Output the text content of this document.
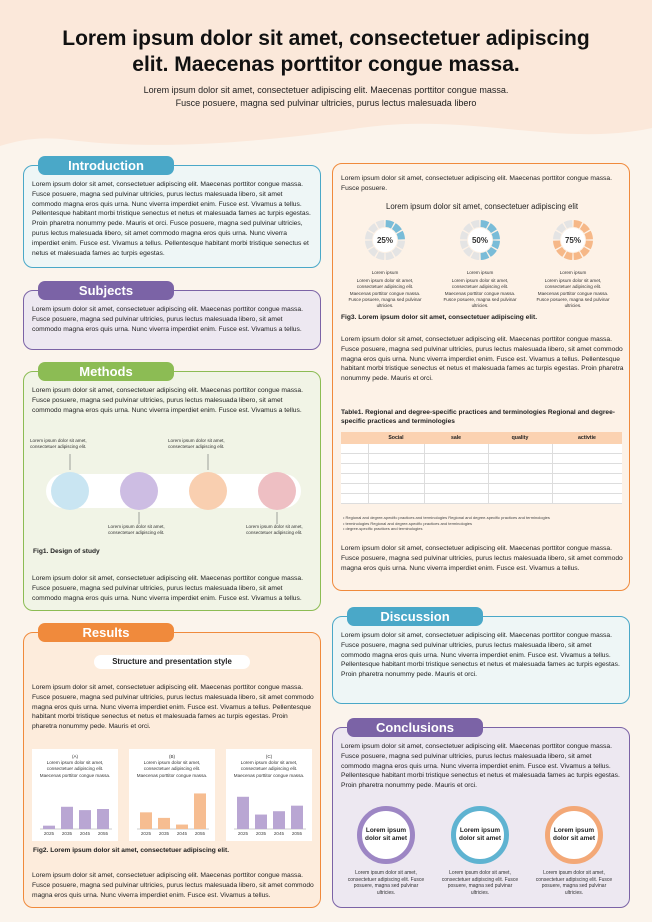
Lorem ipsum dolor sit amet, consectetuer adipiscing
elit. Maecenas porttitor congue massa.
Lorem ipsum dolor sit amet, consectetuer adipiscing elit. Maecenas porttitor congue massa.
Fusce posuere, magna sed pulvinar ultricies, purus lectus malesuada libero
Introduction
Lorem ipsum dolor sit amet, consectetuer adipiscing elit. Maecenas porttitor congue massa. Fusce posuere, magna sed pulvinar ultricies, purus lectus malesuada libero, sit amet commodo magna eros quis urna. Nunc viverra imperdiet enim. Fusce est. Vivamus a tellus. Pellentesque habitant morbi tristique senectus et netus et malesuada fames ac turpis egestas. Proin pharetra nonummy pede. Mauris et orci. Fusce posuere, magna sed pulvinar ultricies, purus lectus malesuada libero, sit amet commodo magna eros quis urna. Nunc viverra imperdiet enim. Fusce est. Vivamus a tellus. Pellentesque habitant morbi tristique senectus et netus et malesuada fames ac turpis egestas.
Subjects
Lorem ipsum dolor sit amet, consectetuer adipiscing elit. Maecenas porttitor congue massa. Fusce posuere, magna sed pulvinar ultricies, purus lectus malesuada libero, sit amet commodo magna eros quis urna. Nunc viverra imperdiet enim. Fusce est. Vivamus a tellus.
Methods
Lorem ipsum dolor sit amet, consectetuer adipiscing elit. Maecenas porttitor congue massa. Fusce posuere, magna sed pulvinar ultricies, purus lectus malesuada libero, sit amet commodo magna eros quis urna. Nunc viverra imperdiet enim. Fusce est. Vivamus a tellus.
Lorem ipsum dolor sit amet,
consectetuer adipiscing elit.
Lorem ipsum dolor sit amet,
consectetuer adipiscing elit.
Lorem ipsum dolor sit amet,
consectetuer adipiscing elit.
Lorem ipsum dolor sit amet,
consectetuer adipiscing elit.
Fig1. Design of study
Lorem ipsum dolor sit amet, consectetuer adipiscing elit. Maecenas porttitor congue massa. Fusce posuere, magna sed pulvinar ultricies, purus lectus malesuada libero, sit amet commodo magna eros quis urna. Nunc viverra imperdiet enim. Fusce est. Vivamus a tellus.
Results
Structure and presentation style
Lorem ipsum dolor sit amet, consectetuer adipiscing elit. Maecenas porttitor congue massa. Fusce posuere, magna sed pulvinar ultricies, purus lectus malesuada libero, sit amet commodo magna eros quis urna. Nunc viverra imperdiet enim. Fusce est. Vivamus a tellus. Pellentesque habitant morbi tristique senectus et netus et malesuada fames ac turpis egestas. Proin pharetra nonummy pede. Mauris et orci.
(A)
Lorem ipsum dolor sit amet,
consectetuer adipiscing elit.
Maecenas porttitor congue massa.
2025 2035 2045 2055
(B)
Lorem ipsum dolor sit amet,
consectetuer adipiscing elit.
Maecenas porttitor congue massa.
2025 2035 2045 2055
(C)
Lorem ipsum dolor sit amet,
consectetuer adipiscing elit.
Maecenas porttitor congue massa.
2025 2035 2045 2055
Fig2. Lorem ipsum dolor sit amet, consectetuer adipiscing elit.
Lorem ipsum dolor sit amet, consectetuer adipiscing elit. Maecenas porttitor congue massa. Fusce posuere, magna sed pulvinar ultricies, purus lectus malesuada libero, sit amet commodo magna eros quis urna. Nunc viverra imperdiet enim. Fusce est. Vivamus a tellus.
Lorem ipsum dolor sit amet, consectetuer adipiscing elit. Maecenas porttitor congue massa. Fusce posuere.
Lorem ipsum dolor sit amet, consectetuer adipiscing elit
25%
Lorem ipsum
Lorem ipsum dolor sit amet,
consectetuer adipiscing elit.
Maecenas porttitor congue massa.
Fusce posuere, magna sed pulvinar
ultricies.
50%
Lorem ipsum
Lorem ipsum dolor sit amet,
consectetuer adipiscing elit.
Maecenas porttitor congue massa.
Fusce posuere, magna sed pulvinar
ultricies.
75%
Lorem ipsum
Lorem ipsum dolor sit amet,
consectetuer adipiscing elit.
Maecenas porttitor congue massa.
Fusce posuere, magna sed pulvinar
ultricies.
Fig3. Lorem ipsum dolor sit amet, consectetuer adipiscing elit.
Lorem ipsum dolor sit amet, consectetuer adipiscing elit. Maecenas porttitor congue massa. Fusce posuere, magna sed pulvinar ultricies, purus lectus malesuada libero, sit amet commodo magna eros quis urna. Nunc viverra imperdiet enim. Fusce est. Vivamus a tellus. Pellentesque habitant morbi tristique senectus et netus et malesuada fames ac turpis egestas. Proin pharetra nonummy pede. Mauris et orci.
Table1. Regional and degree-specific practices and terminologies Regional and degree-specific practices and terminologies
Social	sale	quality	activtie
• Regional and degree-specific practices and terminologies Regional and degree-specific practices and terminologies
• terminologies Regional and degree-specific practices and terminologies
• degree-specific practices and terminologies
Lorem ipsum dolor sit amet, consectetuer adipiscing elit. Maecenas porttitor congue massa. Fusce posuere, magna sed pulvinar ultricies, purus lectus malesuada libero, sit amet commodo magna eros quis urna. Nunc viverra imperdiet enim. Fusce est. Vivamus a tellus.
Discussion
Lorem ipsum dolor sit amet, consectetuer adipiscing elit. Maecenas porttitor congue massa. Fusce posuere, magna sed pulvinar ultricies, purus lectus malesuada libero, sit amet commodo magna eros quis urna. Nunc viverra imperdiet enim. Fusce est. Vivamus a tellus. Pellentesque habitant morbi tristique senectus et netus et malesuada fames ac turpis egestas. Proin pharetra nonummy pede. Mauris et orci.
Conclusions
Lorem ipsum dolor sit amet, consectetuer adipiscing elit. Maecenas porttitor congue massa. Fusce posuere, magna sed pulvinar ultricies, purus lectus malesuada libero, sit amet commodo magna eros quis urna. Nunc viverra imperdiet enim. Fusce est. Vivamus a tellus. Pellentesque habitant morbi tristique senectus et netus et malesuada fames ac turpis egestas. Proin pharetra nonummy pede. Mauris et orci.
Lorem ipsum
dolor sit amet
Lorem ipsum dolor sit amet,
consectetuer adipiscing elit. Fusce
posuere, magna sed pulvinar
ultricies.
Lorem ipsum
dolor sit amet
Lorem ipsum dolor sit amet,
consectetuer adipiscing elit. Fusce
posuere, magna sed pulvinar
ultricies.
Lorem ipsum
dolor sit amet
Lorem ipsum dolor sit amet,
consectetuer adipiscing elit. Fusce
posuere, magna sed pulvinar
ultricies.
